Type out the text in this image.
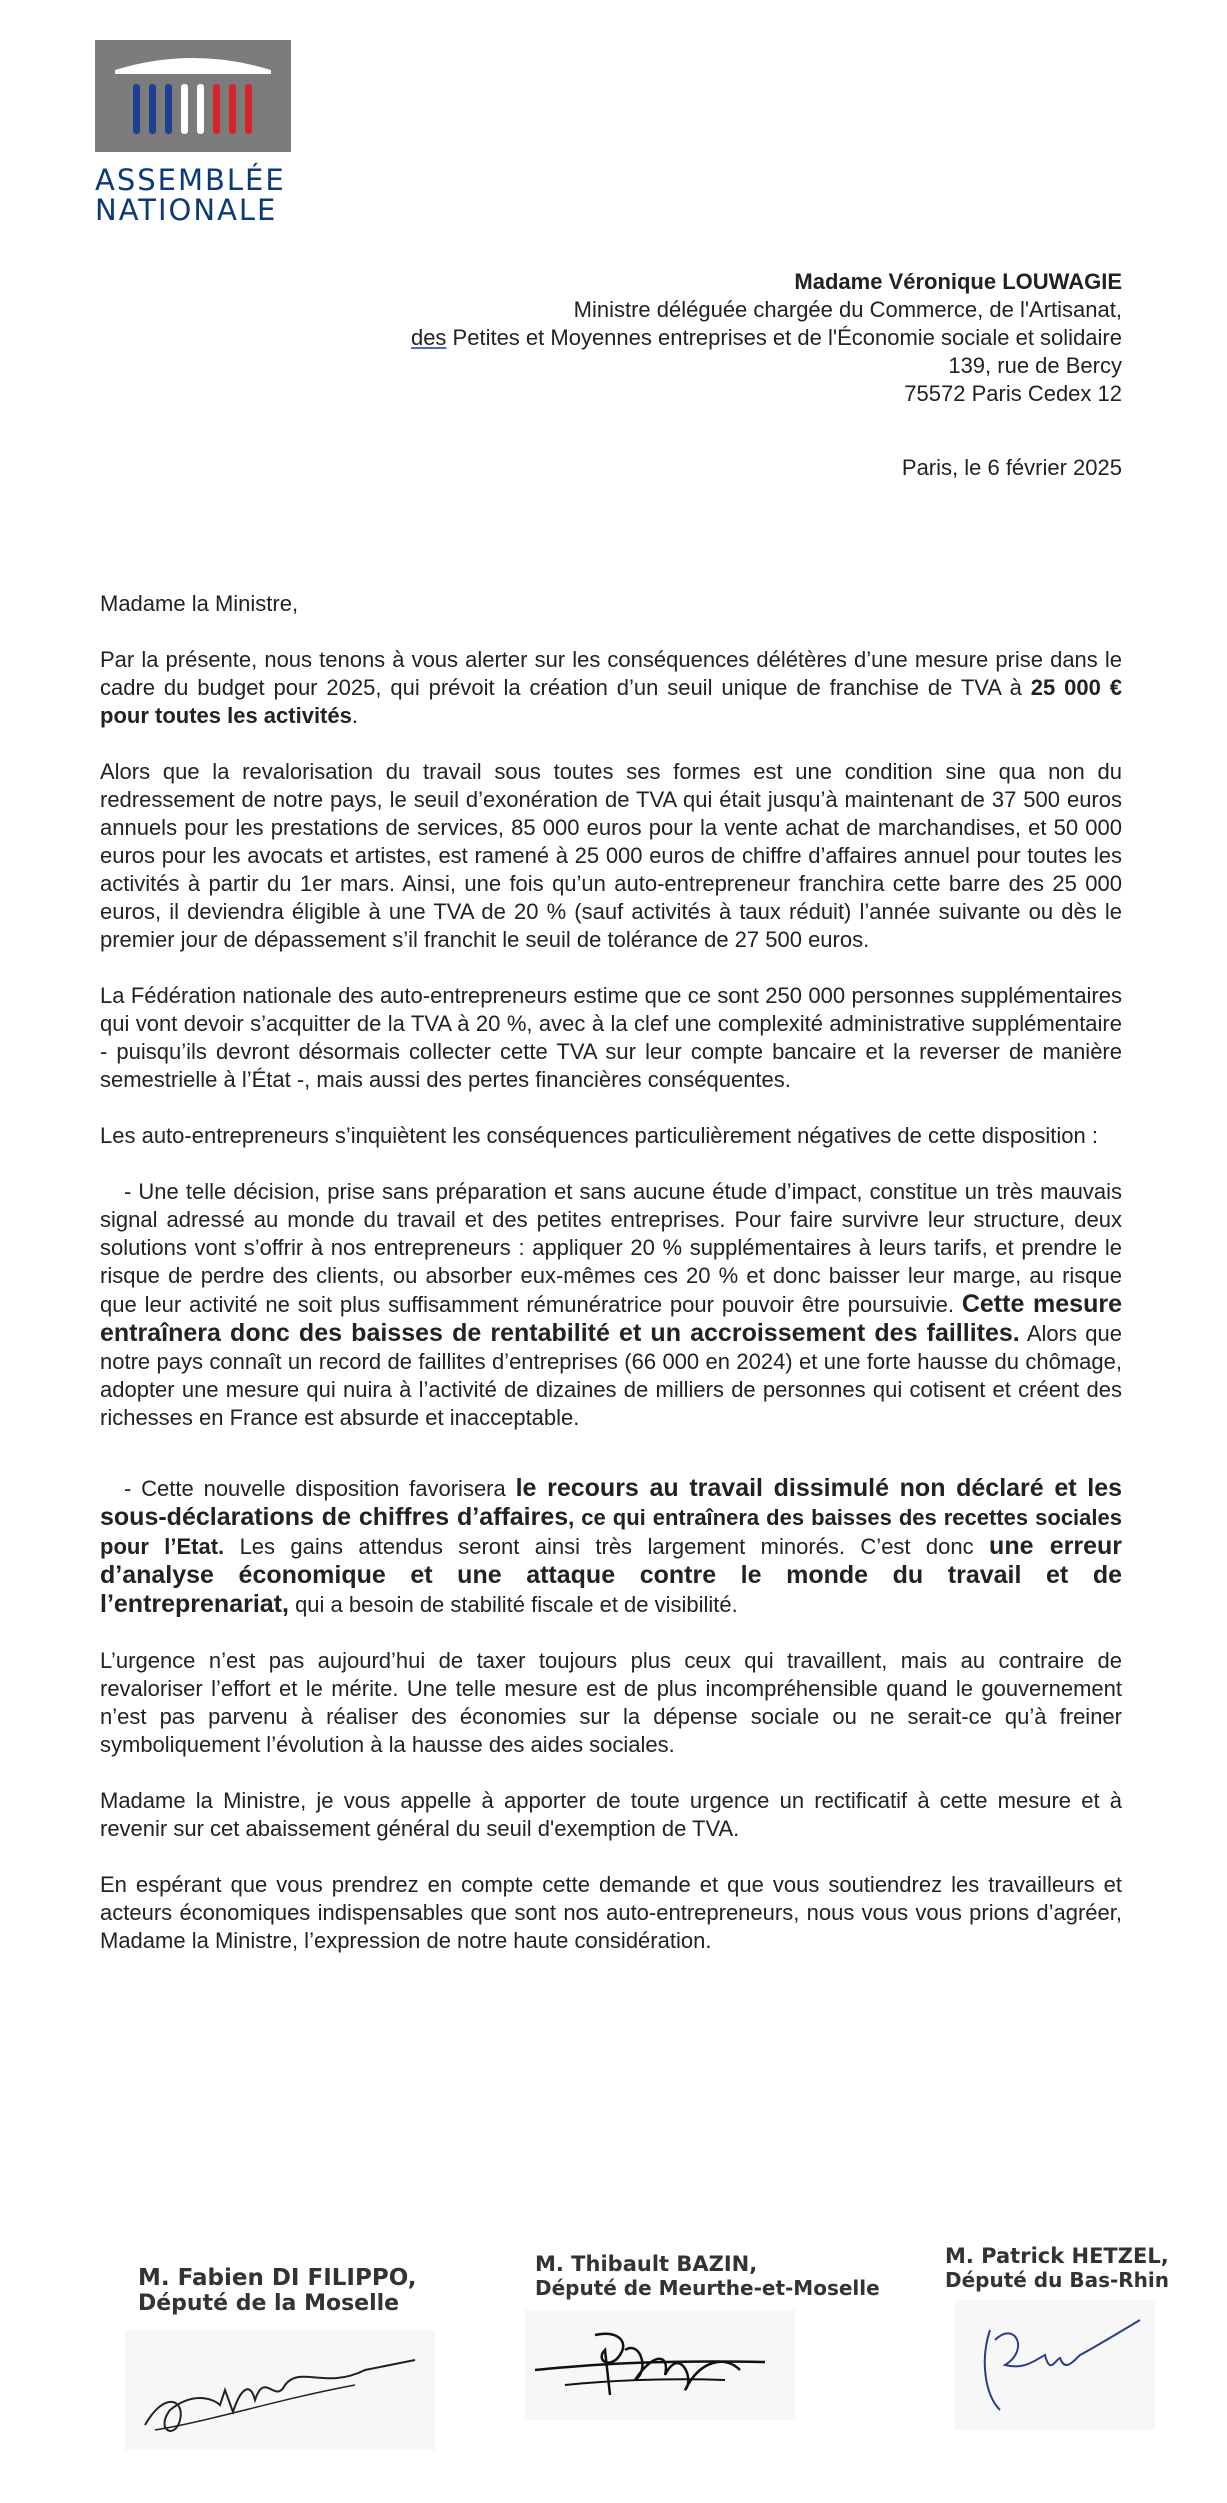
ASSEMBLÉE
NATIONALE
Madame Véronique LOUWAGIE
Ministre déléguée chargée du Commerce, de l'Artisanat,
des Petites et Moyennes entreprises et de l'Économie sociale et solidaire
139, rue de Bercy
75572 Paris Cedex 12
Paris, le 6 février 2025

Madame la Ministre,

Par la présente, nous tenons à vous alerter sur les conséquences délétères d’une mesure prise dans le cadre du budget pour 2025, qui prévoit la création d’un seuil unique de franchise de TVA à 25 000 € pour toutes les activités.

Alors que la revalorisation du travail sous toutes ses formes est une condition sine qua non du redressement de notre pays, le seuil d’exonération de TVA qui était jusqu’à maintenant de 37 500 euros annuels pour les prestations de services, 85 000 euros pour la vente achat de marchandises, et 50 000 euros pour les avocats et artistes, est ramené à 25 000 euros de chiffre d’affaires annuel pour toutes les activités à partir du 1er mars. Ainsi, une fois qu’un auto-entrepreneur franchira cette barre des 25 000 euros, il deviendra éligible à une TVA de 20 % (sauf activités à taux réduit) l’année suivante ou dès le premier jour de dépassement s’il franchit le seuil de tolérance de 27 500 euros.

La Fédération nationale des auto-entrepreneurs estime que ce sont 250 000 personnes supplémentaires qui vont devoir s’acquitter de la TVA à 20 %, avec à la clef une complexité administrative supplémentaire - puisqu’ils devront désormais collecter cette TVA sur leur compte bancaire et la reverser de manière semestrielle à l’État -, mais aussi des pertes financières conséquentes.

Les auto-entrepreneurs s’inquiètent les conséquences particulièrement négatives de cette disposition :

- Une telle décision, prise sans préparation et sans aucune étude d’impact, constitue un très mauvais signal adressé au monde du travail et des petites entreprises. Pour faire survivre leur structure, deux solutions vont s’offrir à nos entrepreneurs : appliquer 20 % supplémentaires à leurs tarifs, et prendre le risque de perdre des clients, ou absorber eux-mêmes ces 20 % et donc baisser leur marge, au risque que leur activité ne soit plus suffisamment rémunératrice pour pouvoir être poursuivie. Cette mesure entraînera donc des baisses de rentabilité et un accroissement des faillites. Alors que notre pays connaît un record de faillites d’entreprises (66 000 en 2024) et une forte hausse du chômage, adopter une mesure qui nuira à l’activité de dizaines de milliers de personnes qui cotisent et créent des richesses en France est absurde et inacceptable.

- Cette nouvelle disposition favorisera le recours au travail dissimulé non déclaré et les sous-déclarations de chiffres d’affaires, ce qui entraînera des baisses des recettes sociales pour l’Etat. Les gains attendus seront ainsi très largement minorés. C’est donc une erreur d’analyse économique et une attaque contre le monde du travail et de l’entreprenariat, qui a besoin de stabilité fiscale et de visibilité.

L’urgence n’est pas aujourd’hui de taxer toujours plus ceux qui travaillent, mais au contraire de revaloriser l’effort et le mérite. Une telle mesure est de plus incompréhensible quand le gouvernement n’est pas parvenu à réaliser des économies sur la dépense sociale ou ne serait-ce qu’à freiner symboliquement l’évolution à la hausse des aides sociales.

Madame la Ministre, je vous appelle à apporter de toute urgence un rectificatif à cette mesure et à revenir sur cet abaissement général du seuil d'exemption de TVA.

En espérant que vous prendrez en compte cette demande et que vous soutiendrez les travailleurs et acteurs économiques indispensables que sont nos auto-entrepreneurs, nous vous vous prions d’agréer, Madame la Ministre, l’expression de notre haute considération.

M. Fabien DI FILIPPO,
Député de la Moselle
M. Thibault BAZIN,
Député de Meurthe-et-Moselle
M. Patrick HETZEL,
Député du Bas-Rhin
